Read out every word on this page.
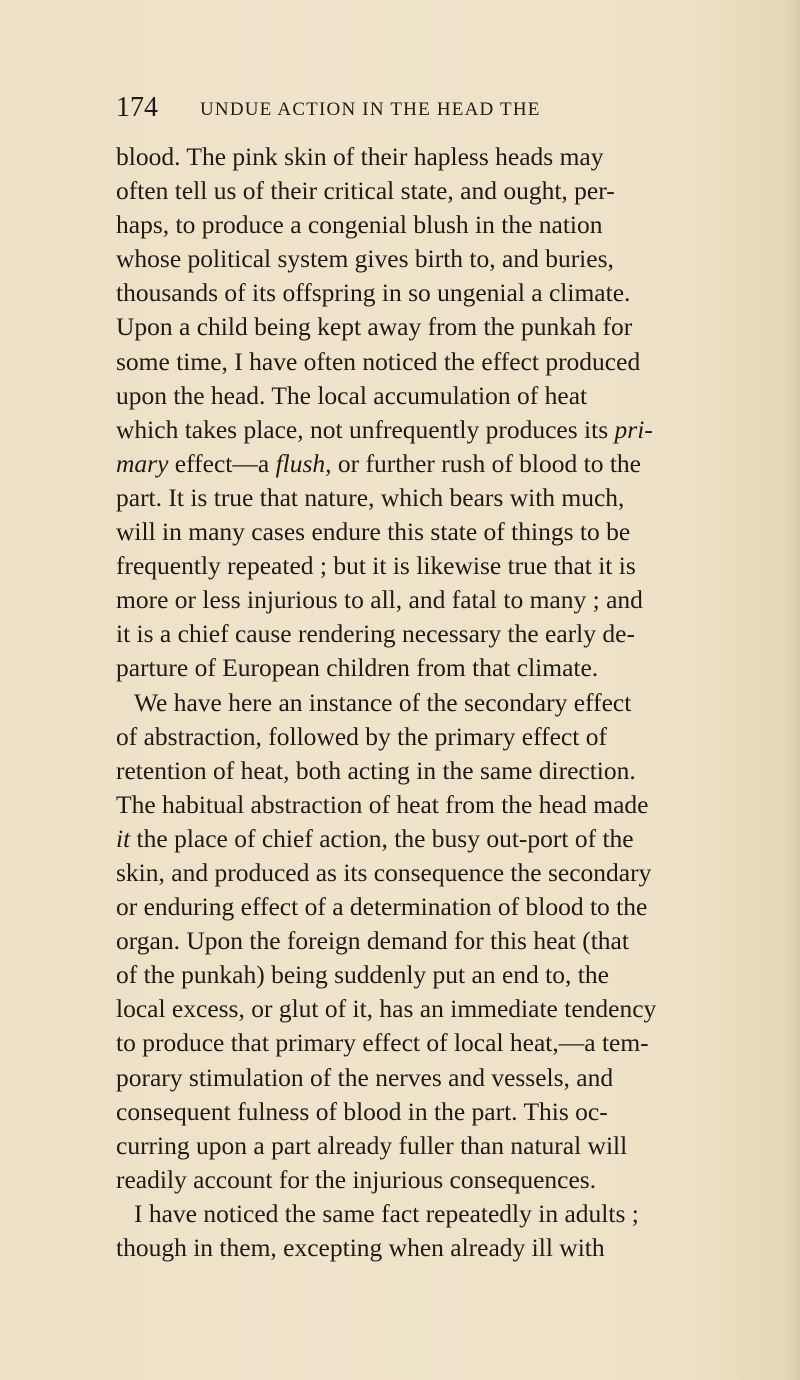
174 UNDUE ACTION IN THE HEAD THE
blood. The pink skin of their hapless heads may
often tell us of their critical state, and ought, per-
haps, to produce a congenial blush in the nation
whose political system gives birth to, and buries,
thousands of its offspring in so ungenial a climate.
Upon a child being kept away from the punkah for
some time, I have often noticed the effect produced
upon the head. The local accumulation of heat
which takes place, not unfrequently produces its pri-
mary effect—a flush, or further rush of blood to the
part. It is true that nature, which bears with much,
will in many cases endure this state of things to be
frequently repeated ; but it is likewise true that it is
more or less injurious to all, and fatal to many ; and
it is a chief cause rendering necessary the early de-
parture of European children from that climate.
We have here an instance of the secondary effect
of abstraction, followed by the primary effect of
retention of heat, both acting in the same direction.
The habitual abstraction of heat from the head made
it the place of chief action, the busy out-port of the
skin, and produced as its consequence the secondary
or enduring effect of a determination of blood to the
organ. Upon the foreign demand for this heat (that
of the punkah) being suddenly put an end to, the
local excess, or glut of it, has an immediate tendency
to produce that primary effect of local heat,—a tem-
porary stimulation of the nerves and vessels, and
consequent fulness of blood in the part. This oc-
curring upon a part already fuller than natural will
readily account for the injurious consequences.
I have noticed the same fact repeatedly in adults ;
though in them, excepting when already ill with
